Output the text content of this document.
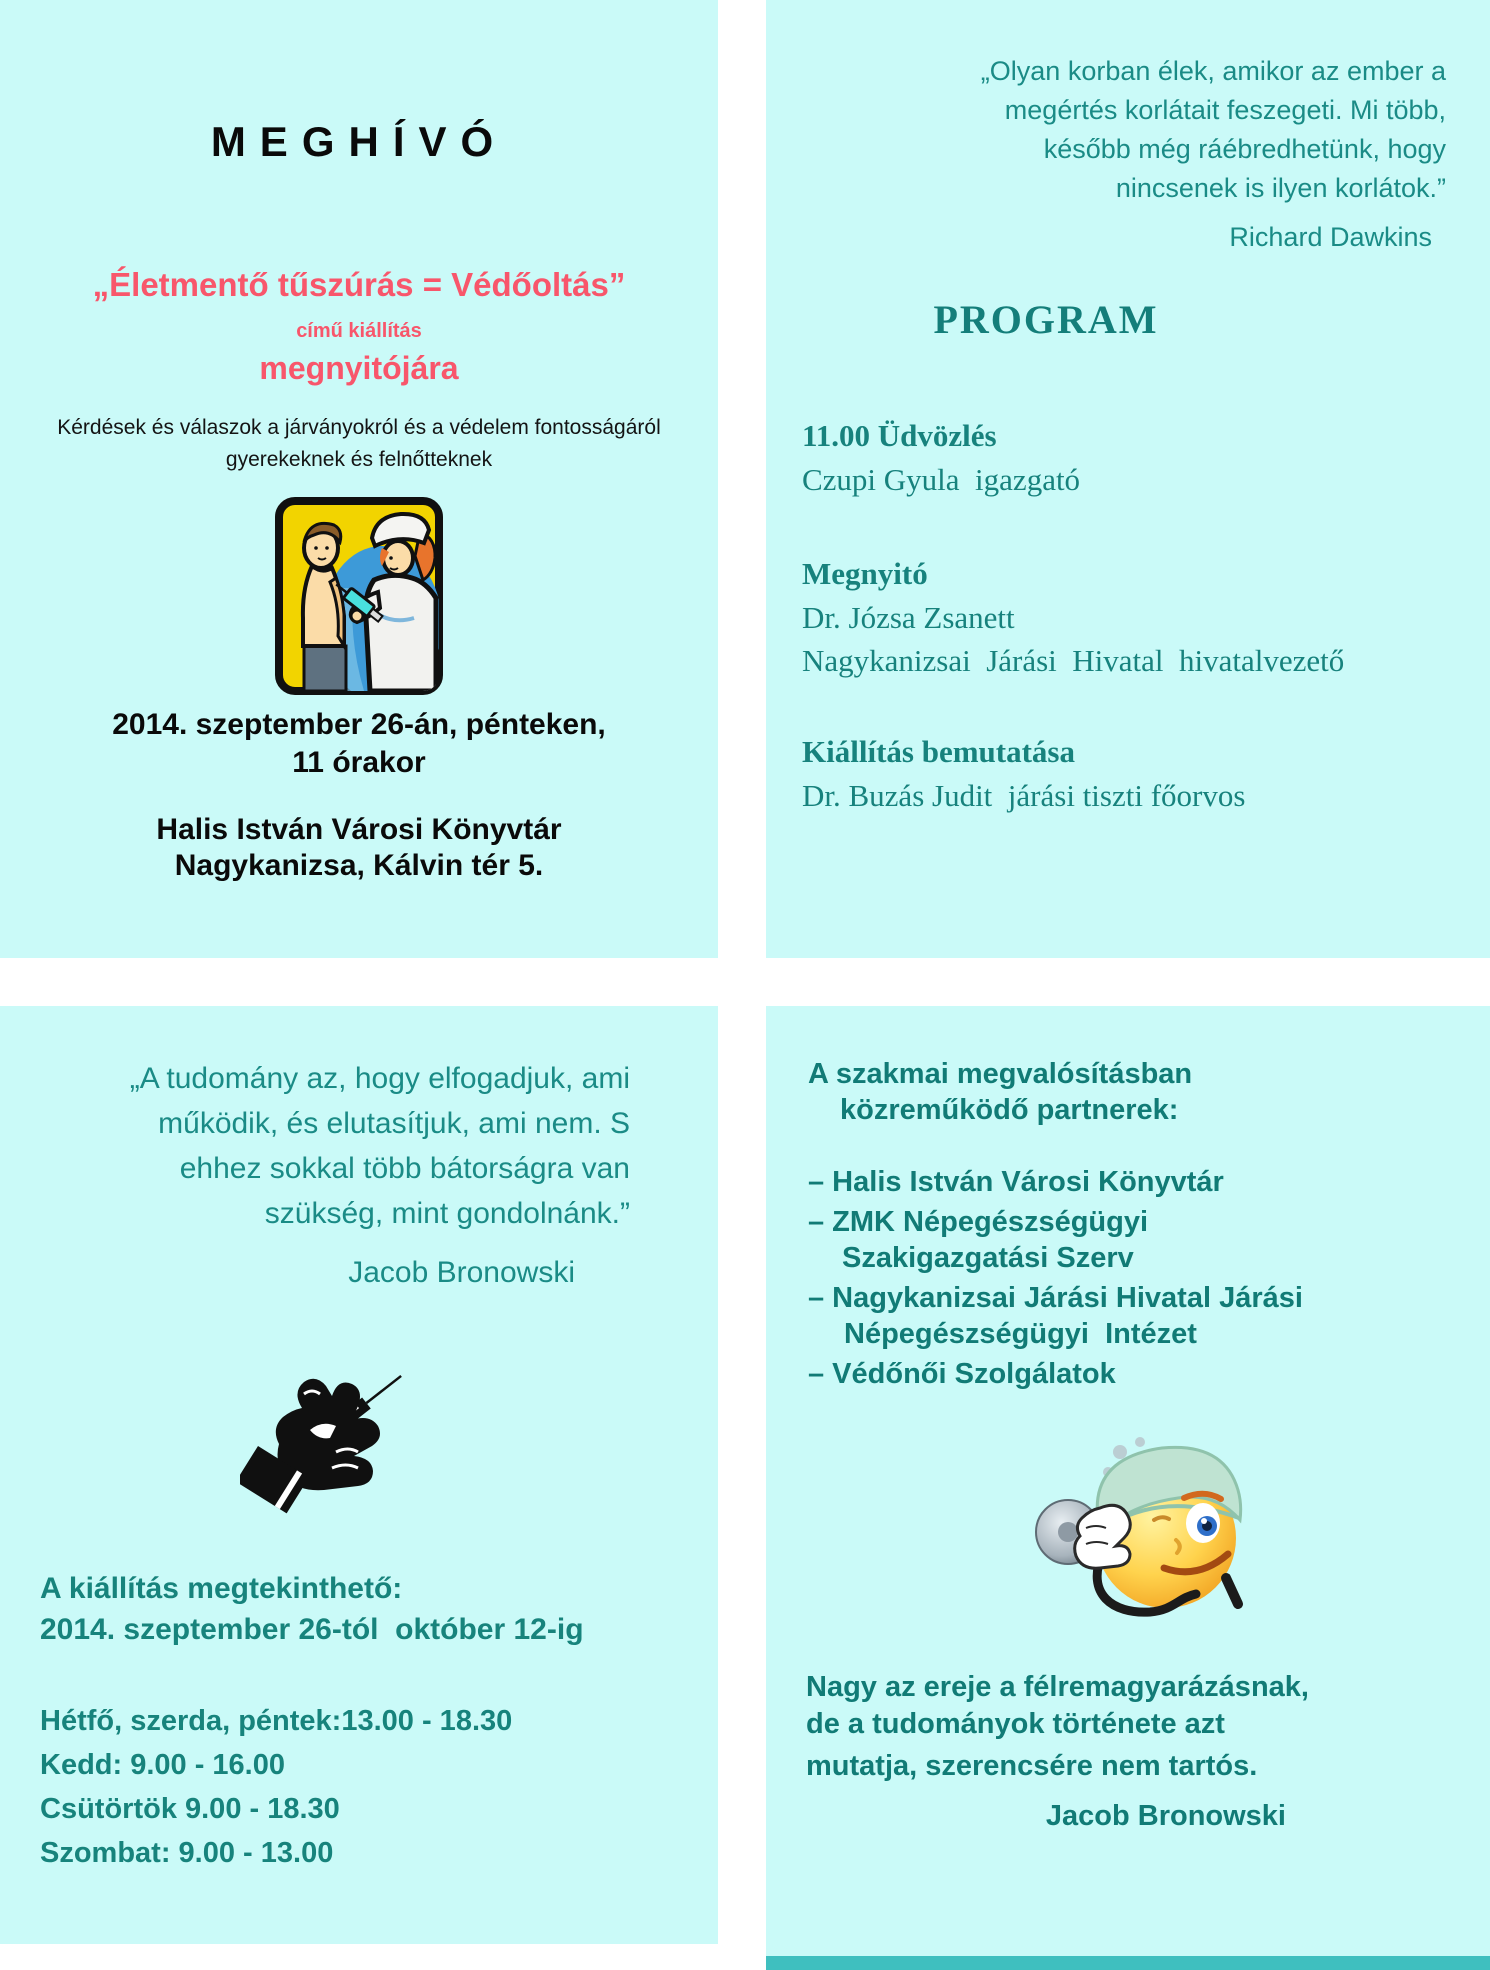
MEGHÍVÓ
„Életmentő tűszúrás = Védőoltás”
című kiállítás
megnyitójára
Kérdések és válaszok a járványokról és a védelem fontosságáról
gyerekeknek és felnőtteknek
2014. szeptember 26-án, pénteken,
11 órakor
Halis István Városi Könyvtár
Nagykanizsa, Kálvin tér 5.
„Olyan korban élek, amikor az ember a
megértés korlátait feszegeti. Mi több,
később még ráébredhetünk, hogy
nincsenek is ilyen korlátok.”
Richard Dawkins
PROGRAM
11.00 Üdvözlés
Czupi Gyula  igazgató
Megnyitó
Dr. Józsa Zsanett
Nagykanizsai  Járási  Hivatal  hivatalvezető
Kiállítás bemutatása
Dr. Buzás Judit  járási tiszti főorvos
„A tudomány az, hogy elfogadjuk, ami
működik, és elutasítjuk, ami nem. S
ehhez sokkal több bátorságra van
szükség, mint gondolnánk.”
Jacob Bronowski
A kiállítás megtekinthető:
2014. szeptember 26-tól  október 12-ig
Hétfő, szerda, péntek:13.00 - 18.30
Kedd: 9.00 - 16.00
Csütörtök 9.00 - 18.30
Szombat: 9.00 - 13.00
A szakmai megvalósításban
közreműködő partnerek:
– Halis István Városi Könyvtár
– ZMK Népegészségügyi
Szakigazgatási Szerv
– Nagykanizsai Járási Hivatal Járási
Népegészségügyi  Intézet
– Védőnői Szolgálatok
Nagy az ereje a félremagyarázásnak,
de a tudományok története azt
mutatja, szerencsére nem tartós.
Jacob Bronowski
